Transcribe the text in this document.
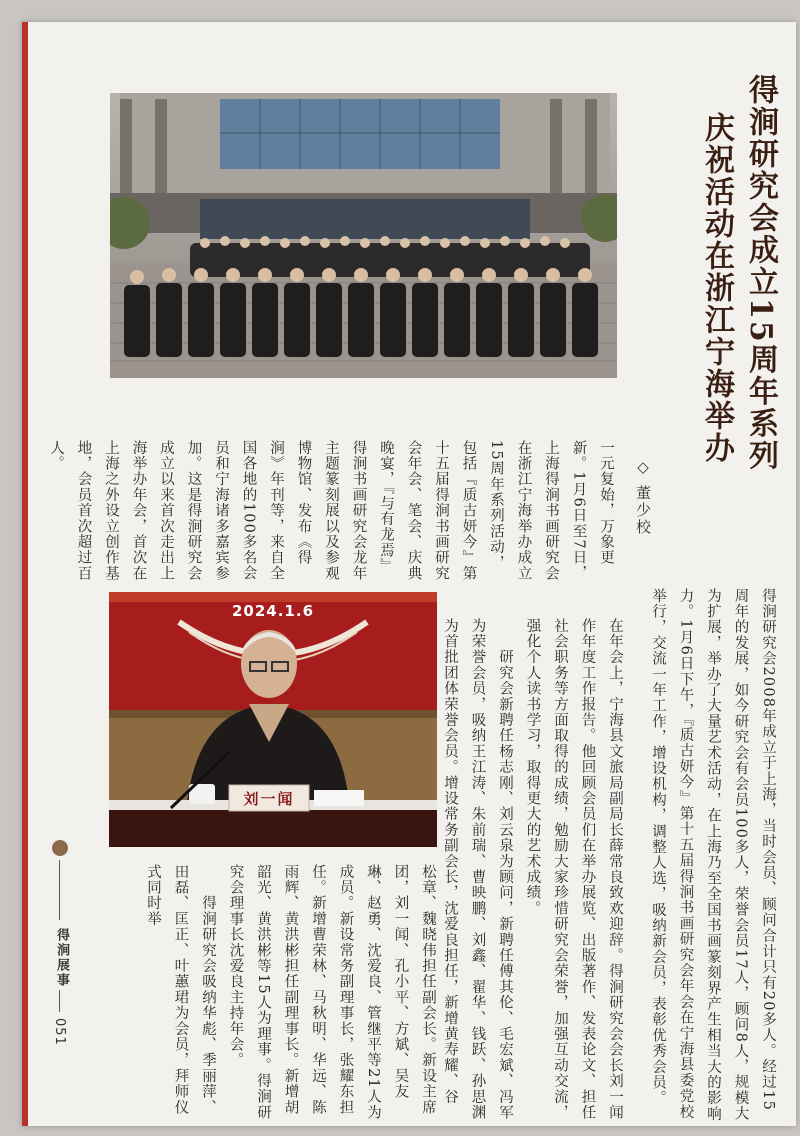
得涧研究会成立15周年系列
庆祝活动在浙江宁海举办
◇ 董少校
一元复始，万象更新。1月6日至7日，上海得涧书画研究会在浙江宁海举办成立15周年系列活动，包括『质古妍今』第十五届得涧书画研究会年会、笔会、庆典晚宴，『与有龙焉』得涧书画研究会龙年主题篆刻展以及参观博物馆、发布《得涧》年刊等，来自全国各地的100多名会员和宁海诸多嘉宾参加。这是得涧研究会成立以来首次走出上海举办年会，首次在上海之外设立创作基地，会员首次超过百人。
得涧研究会2008年成立于上海，当时会员、顾问合计只有20多人。经过15周年的发展，如今研究会有会员100多人，荣誉会员17人，顾问8人，规模大为扩展，举办了大量艺术活动，在上海乃至全国书画篆刻界产生相当大的影响力。1月6日下午，『质古妍今』第十五届得涧书画研究会年会在宁海县委党校举行，交流一年工作，增设机构，调整人选，吸纳新会员，表彰优秀会员。
在年会上，宁海县文旅局副局长薛常良致欢迎辞。得涧研究会会长刘一闻作年度工作报告。他回顾会员们在举办展览、出版著作、发表论文、担任社会职务等方面取得的成绩，勉励大家珍惜研究会荣誉，加强互动交流，强化个人读书学习，取得更大的艺术成绩。
　　研究会新聘任杨志刚、刘云泉为顾问，新聘任傅其伦、毛宏斌、冯军为荣誉会员，吸纳王江涛、朱前瑞、曹映鹏、刘鑫、翟华、钱跃、孙思渊为首批团体荣誉会员。增设常务副会长，沈爱良担任，新增黄寿耀、谷
松章、魏晓伟担任副会长。新设主席团，刘一闻、孔小平、方斌、吴友琳、赵勇、沈爱良、管继平等21人为成员。新设常务副理事长，张耀东担任。新增曹荣林、马秋明、华远、陈雨辉、黄洪彬担任副理事长。新增胡韶光、黄洪彬等15人为理事。得涧研究会理事长沈爱良主持年会。
　　得涧研究会吸纳华彪、季丽萍、田磊、匡正、叶蕙珺为会员，拜师仪式同时举
2024.1.6
刘一闻
得涧展事
051
